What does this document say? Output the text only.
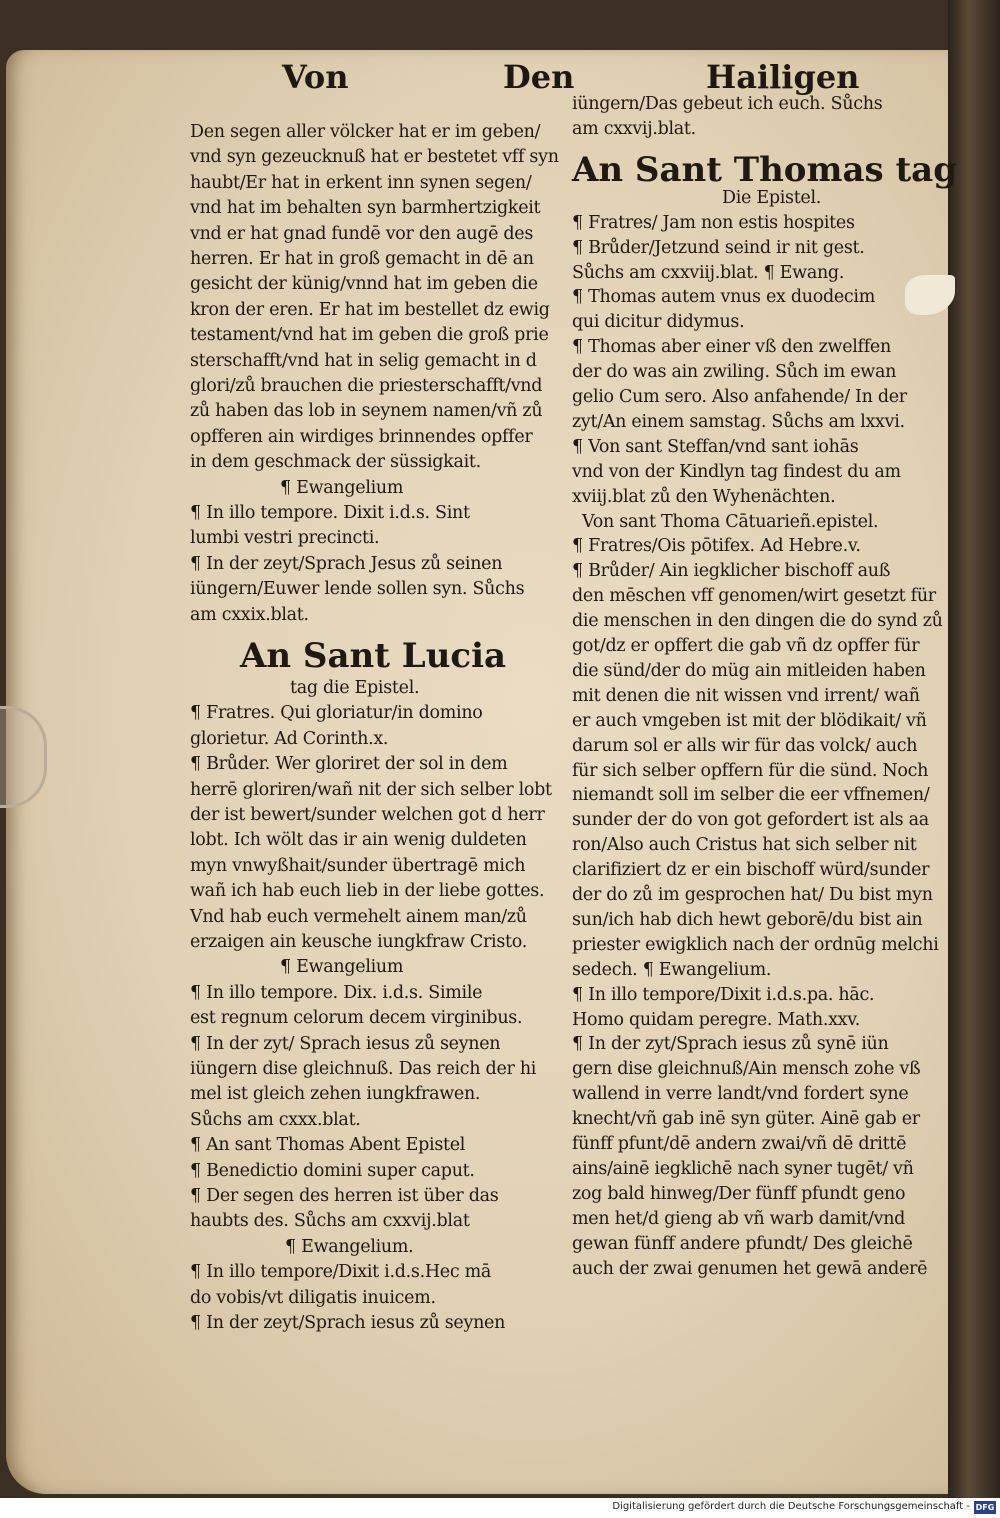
Von	Den	Hailigen
Den segen aller völcker hat er im geben/
vnd syn gezeucknuß hat er bestetet vff syn
haubt/Er hat in erkent inn synen segen/
vnd hat im behalten syn barmhertzigkeit
vnd er hat gnad fundē vor den augē des
herren. Er hat in groß gemacht in dē an
gesicht der künig/vnnd hat im geben die
kron der eren. Er hat im bestellet dz ewig
testament/vnd hat im geben die groß prie
sterschafft/vnd hat in selig gemacht in d
glori/zů brauchen die priesterschafft/vnd
zů haben das lob in seynem namen/vñ zů
opfferen ain wirdiges brinnendes opffer
in dem geschmack der süssigkait.
¶ Ewangelium
¶ In illo tempore. Dixit i.d.s. Sint
lumbi vestri precincti.
¶ In der zeyt/Sprach Jesus zů seinen
iüngern/Euwer lende sollen syn. Sůchs
am cxxix.blat.
An Sant Lucia
tag die Epistel.
¶ Fratres. Qui gloriatur/in domino
glorietur. Ad Corinth.x.
¶ Brůder. Wer gloriret der sol in dem
herrē gloriren/wañ nit der sich selber lobt
der ist bewert/sunder welchen got d herr
lobt. Ich wölt das ir ain wenig duldeten
myn vnwyßhait/sunder übertragē mich
wañ ich hab euch lieb in der liebe gottes.
Vnd hab euch vermehelt ainem man/zů
erzaigen ain keusche iungkfraw Cristo.
¶ Ewangelium
¶ In illo tempore. Dix. i.d.s. Simile
est regnum celorum decem virginibus.
¶ In der zyt/ Sprach iesus zů seynen
iüngern dise gleichnuß. Das reich der hi
mel ist gleich zehen iungkfrawen.
Sůchs am cxxx.blat.
¶ An sant Thomas Abent Epistel
¶ Benedictio domini super caput.
¶ Der segen des herren ist über das
haubts des. Sůchs am cxxvij.blat
¶ Ewangelium.
¶ In illo tempore/Dixit i.d.s.Hec mā
do vobis/vt diligatis inuicem.
¶ In der zeyt/Sprach iesus zů seynen
iüngern/Das gebeut ich euch. Sůchs
am cxxvij.blat.
An Sant Thomas tag
Die Epistel.
¶ Fratres/ Jam non estis hospites
¶ Brůder/Jetzund seind ir nit gest.
Sůchs am cxxviij.blat. ¶ Ewang.
¶ Thomas autem vnus ex duodecim
qui dicitur didymus.
¶ Thomas aber einer vß den zwelffen
der do was ain zwiling. Sůch im ewan
gelio Cum sero. Also anfahende/ In der
zyt/An einem samstag. Sůchs am lxxvi.
¶ Von sant Steffan/vnd sant iohās
vnd von der Kindlyn tag findest du am
xviij.blat zů den Wyhenächten.
Von sant Thoma Cātuarieñ.epistel.
¶ Fratres/Ois pōtifex. Ad Hebre.v.
¶ Brůder/ Ain iegklicher bischoff auß
den mēschen vff genomen/wirt gesetzt für
die menschen in den dingen die do synd zů
got/dz er opffert die gab vñ dz opffer für
die sünd/der do müg ain mitleiden haben
mit denen die nit wissen vnd irrent/ wañ
er auch vmgeben ist mit der blödikait/ vñ
darum sol er alls wir für das volck/ auch
für sich selber opffern für die sünd. Noch
niemandt soll im selber die eer vffnemen/
sunder der do von got gefordert ist als aa
ron/Also auch Cristus hat sich selber nit
clarifiziert dz er ein bischoff würd/sunder
der do zů im gesprochen hat/ Du bist myn
sun/ich hab dich hewt geborē/du bist ain
priester ewigklich nach der ordnūg melchi
sedech. ¶ Ewangelium.
¶ In illo tempore/Dixit i.d.s.pa. hāc.
Homo quidam peregre. Math.xxv.
¶ In der zyt/Sprach iesus zů synē iün
gern dise gleichnuß/Ain mensch zohe vß
wallend in verre landt/vnd fordert syne
knecht/vñ gab inē syn güter. Ainē gab er
fünff pfunt/dē andern zwai/vñ dē drittē
ains/ainē iegklichē nach syner tugēt/ vñ
zog bald hinweg/Der fünff pfundt geno
men het/d gieng ab vñ warb damit/vnd
gewan fünff andere pfundt/ Des gleichē
auch der zwai genumen het gewā anderē
Digitalisierung gefördert durch die Deutsche Forschungsgemeinschaft - DFG
